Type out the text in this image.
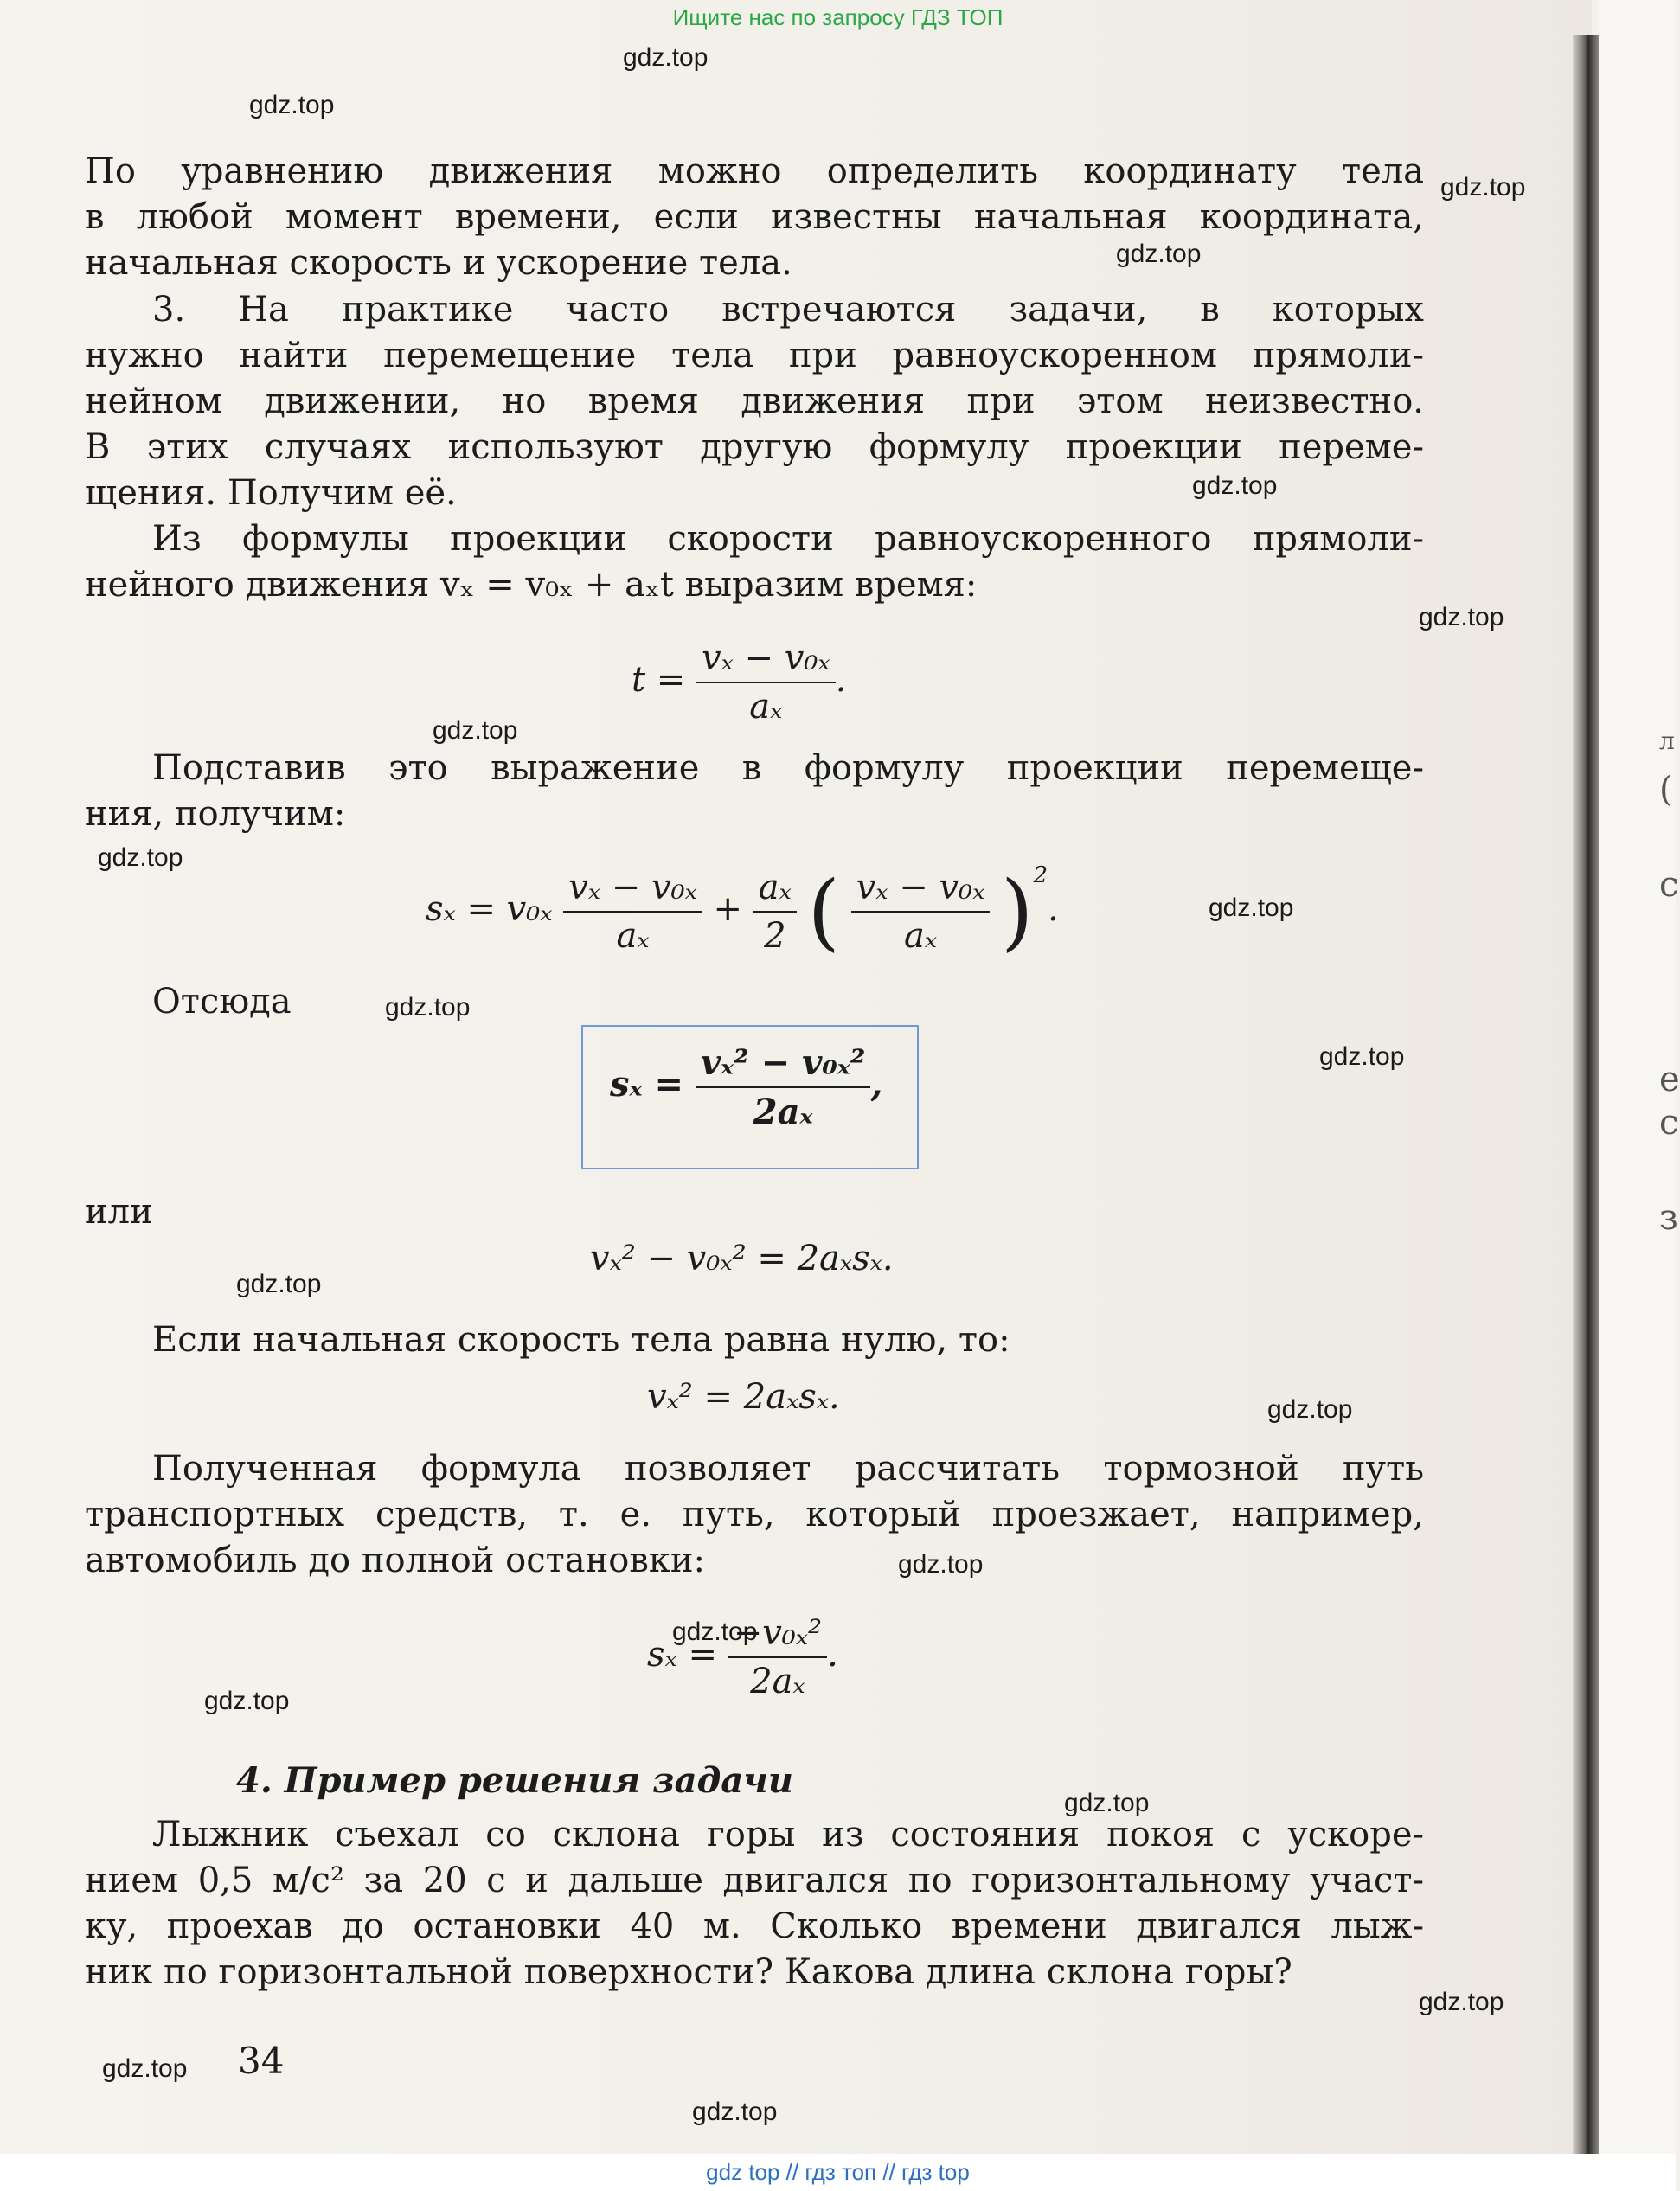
Ищите нас по запросу ГДЗ ТОП
gdz.top
gdz.top
gdz.top
gdz.top
gdz.top
gdz.top
gdz.top
gdz.top
gdz.top
gdz.top
gdz.top
gdz.top
gdz.top
gdz.top
gdz.top
gdz.top
gdz.top
gdz.top
gdz.top
gdz.top
По уравнению движения можно определить координату тела
в любой момент времени, если известны начальная координата,
начальная скорость и ускорение тела.
3. На практике часто встречаются задачи, в которых
нужно найти перемещение тела при равноускоренном прямоли-
нейном движении, но время движения при этом неизвестно.
В этих случаях используют другую формулу проекции переме-
щения. Получим её.
Из формулы проекции скорости равноускоренного прямоли-
нейного движения vₓ = v₀ₓ + aₓt выразим время:
$t = \frac{\text{vₓ − v₀ₓ}}{\text{aₓ}}$ .
Подставив это выражение в формулу проекции перемеще-
ния, получим:
$s_x = v_{0x} \frac{\text{vₓ − v₀ₓ}}{\text{aₓ}} + \frac{\text{aₓ}}{2}$ ( $\frac{\text{vₓ − v₀ₓ}}{\text{aₓ}} )^2$.
Отсюда
$s_x = \frac{\text{vₓ² − v₀ₓ²}}{\text{2aₓ}}$ ,
или
vₓ² − v₀ₓ² = 2aₓsₓ.
Если начальная скорость тела равна нулю, то:
vₓ² = 2aₓsₓ.
Полученная формула позволяет рассчитать тормозной путь
транспортных средств, т. е. путь, который проезжает, например,
автомобиль до полной остановки:
$s_x = \frac{\text{−v₀ₓ²}}{\text{2aₓ}}$ .
4. Пример решения задачи
Лыжник съехал со склона горы из состояния покоя с ускоре-
нием 0,5 м/с² за 20 с и дальше двигался по горизонтальному участ-
ку, проехав до остановки 40 м. Сколько времени двигался лыж-
ник по горизонтальной поверхности? Какова длина склона горы?
34
л
(
с
е
с
з
gdz top // гдз топ // гдз top
